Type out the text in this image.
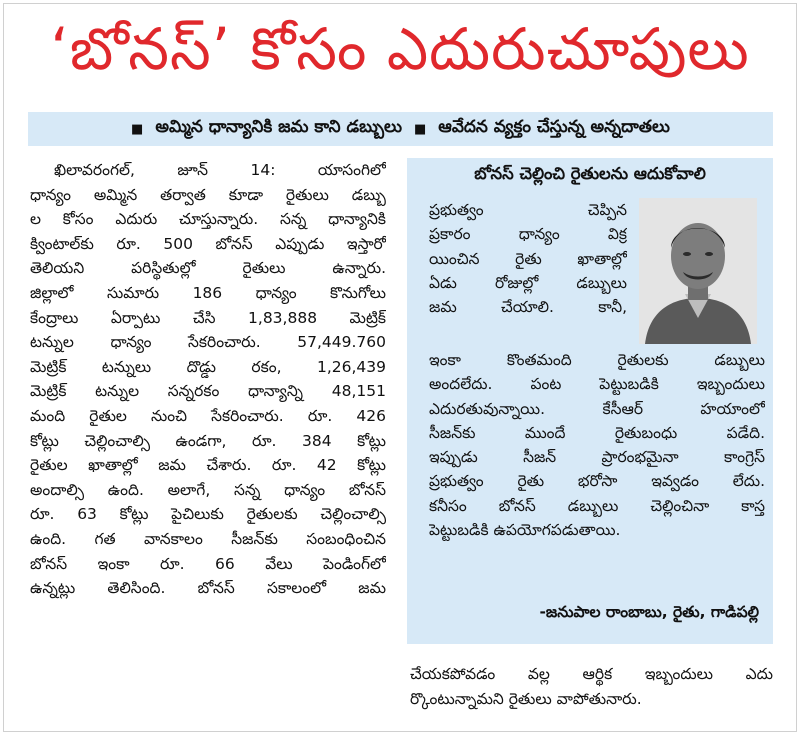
‘బోనస్’ కోసం ఎదురుచూపులు
■ అమ్మిన ధాన్యానికి జమ కాని డబ్బులు ■ ఆవేదన వ్యక్తం చేస్తున్న అన్నదాతలు

ఖిలావరంగల్, జూన్ 14: యాసంగిలో

ధాన్యం అమ్మిన తర్వాత కూడా రైతులు డబ్బు

ల కోసం ఎదురు చూస్తున్నారు. సన్న ధాన్యానికి

క్వింటాల్‌కు రూ. 500 బోనస్ ఎప్పుడు ఇస్తారో

తెలియని పరిస్థితుల్లో రైతులు ఉన్నారు.

జిల్లాలో సుమారు 186 ధాన్యం కొనుగోలు

కేంద్రాలు ఏర్పాటు చేసి 1,83,888 మెట్రిక్

టన్నుల ధాన్యం సేకరించారు. 57,449.760

మెట్రిక్ టన్నులు దొడ్డు రకం, 1,26,439

మెట్రిక్ టన్నుల సన్నరకం ధాన్యాన్ని 48,151

మంది రైతుల నుంచి సేకరించారు. రూ. 426

కోట్లు చెల్లించాల్సి ఉండగా, రూ. 384 కోట్లు

రైతుల ఖాతాల్లో జమ చేశారు. రూ. 42 కోట్లు

అందాల్సి ఉంది. అలాగే, సన్న ధాన్యం బోనస్

రూ. 63 కోట్లు పైచిలుకు రైతులకు చెల్లించాల్సి

ఉంది. గత వానకాలం సీజన్‌కు సంబంధించిన

బోనస్ ఇంకా రూ. 66 వేలు పెండింగ్‌లో

ఉన్నట్లు తెలిసింది. బోనస్ సకాలంలో జమ

బోనస్ చెల్లించి రైతులను ఆదుకోవాలి

ప్రభుత్వం చెప్పిన

ప్రకారం ధాన్యం విక్ర

యించిన రైతు ఖాతాల్లో

ఏడు రోజుల్లో డబ్బులు

జమ చేయాలి. కానీ,

ఇంకా కొంతమంది రైతులకు డబ్బులు

అందలేదు. పంట పెట్టుబడికి ఇబ్బందులు

ఎదురతువున్నాయి. కేసీఆర్ హయాంలో

సీజన్‌కు ముందే రైతుబంధు పడేది.

ఇప్పుడు సీజన్ ప్రారంభమైనా కాంగ్రెస్

ప్రభుత్వం రైతు భరోసా ఇవ్వడం లేదు.

కనీసం బోనస్ డబ్బులు చెల్లించినా కాస్త

పెట్టుబడికి ఉపయోగపడుతాయి.

-జనుపాల రాంబాబు, రైతు, గాడిపల్లి

చేయకపోవడం వల్ల ఆర్థిక ఇబ్బందులు ఎదు

ర్కొంటున్నామని రైతులు వాపోతునారు.
